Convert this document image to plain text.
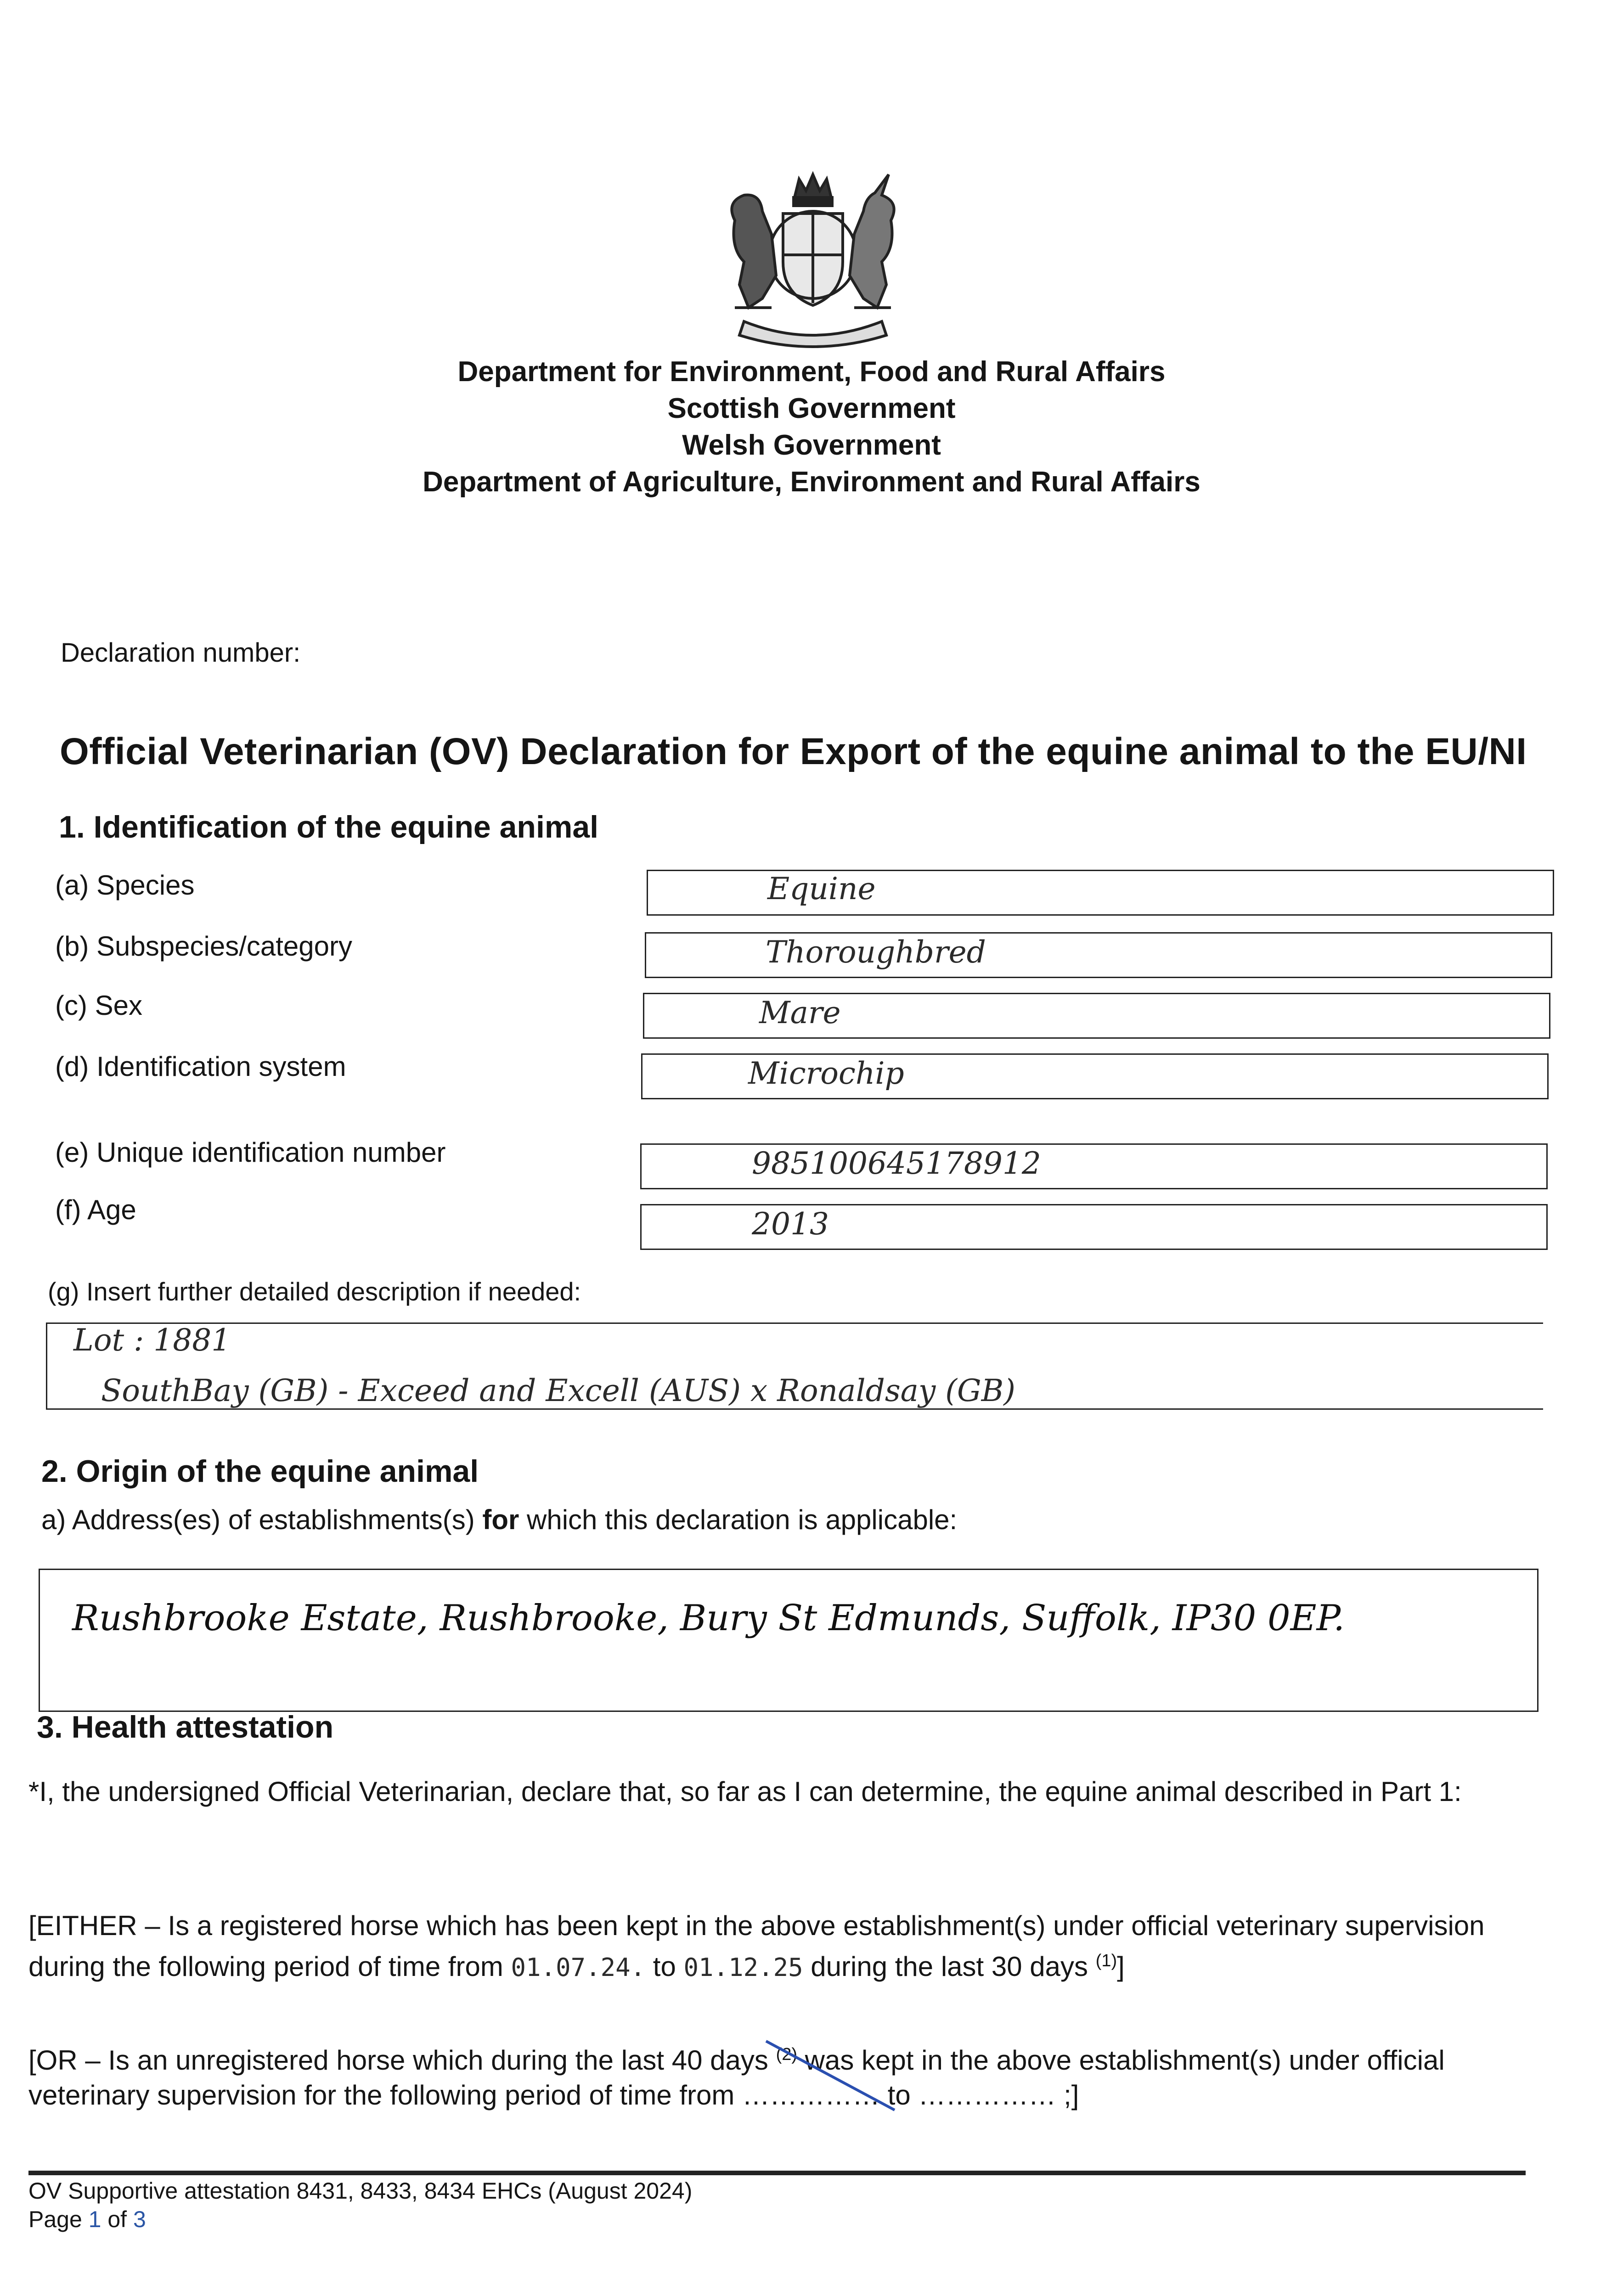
Department for Environment, Food and Rural Affairs
Scottish Government
Welsh Government
Department of Agriculture, Environment and Rural Affairs
Declaration number:
Official Veterinarian (OV) Declaration for Export of the equine animal to the EU/NI
1. Identification of the equine animal
(a) Species	Equine
(b) Subspecies/category	Thoroughbred
(c) Sex	Mare
(d) Identification system	Microchip
(e) Unique identification number	985100645178912
(f) Age	2013
(g) Insert further detailed description if needed:
Lot : 1881
SouthBay (GB) - Exceed and Excell (AUS) x Ronaldsay (GB)
2. Origin of the equine animal
a) Address(es) of establishments(s) for which this declaration is applicable:
Rushbrooke Estate, Rushbrooke, Bury St Edmunds, Suffolk, IP30 0EP.
3. Health attestation
*I, the undersigned Official Veterinarian, declare that, so far as I can determine, the equine animal described in Part 1:
[EITHER – Is a registered horse which has been kept in the above establishment(s) under official veterinary supervision during the following period of time from 01.07.24. to 01.12.25 during the last 30 days $^{(1)}$]
[OR – Is an unregistered horse which during the last 40 days $^{(2)}$ was kept in the above establishment(s) under official veterinary supervision for the following period of time from …………… to …………… ;]
OV Supportive attestation 8431, 8433, 8434 EHCs (August 2024)
Page 1 of 3
